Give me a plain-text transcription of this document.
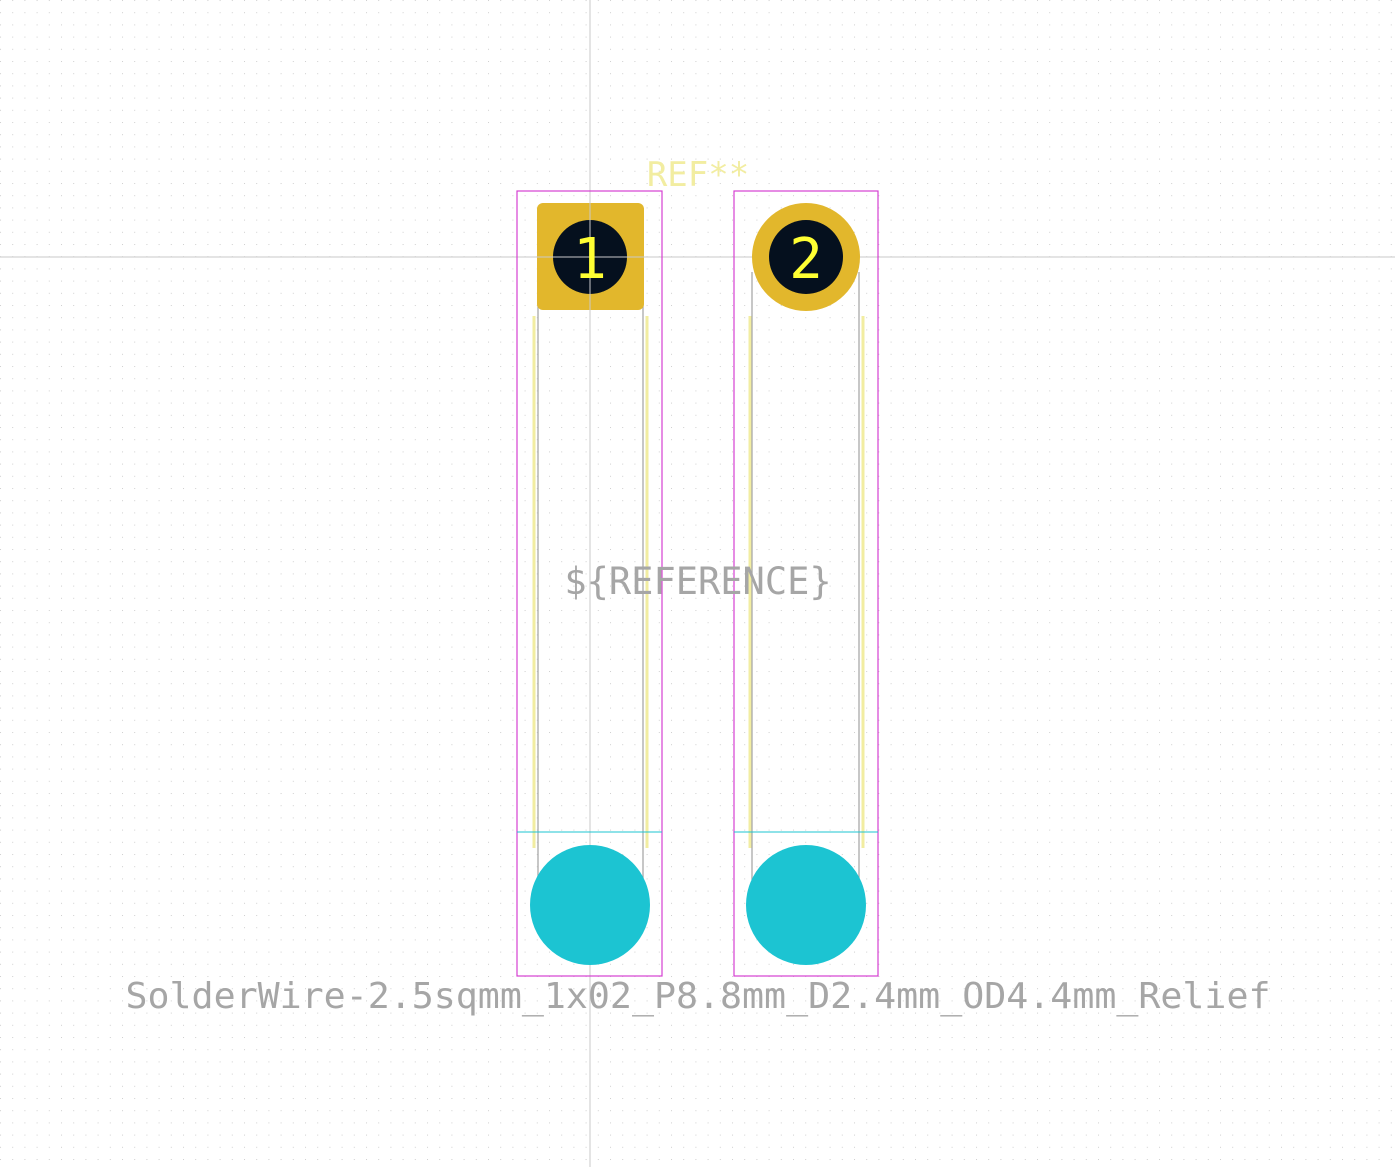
1	2
REF**
${REFERENCE}
SolderWire-2.5sqmm_1x02_P8.8mm_D2.4mm_OD4.4mm_Relief
